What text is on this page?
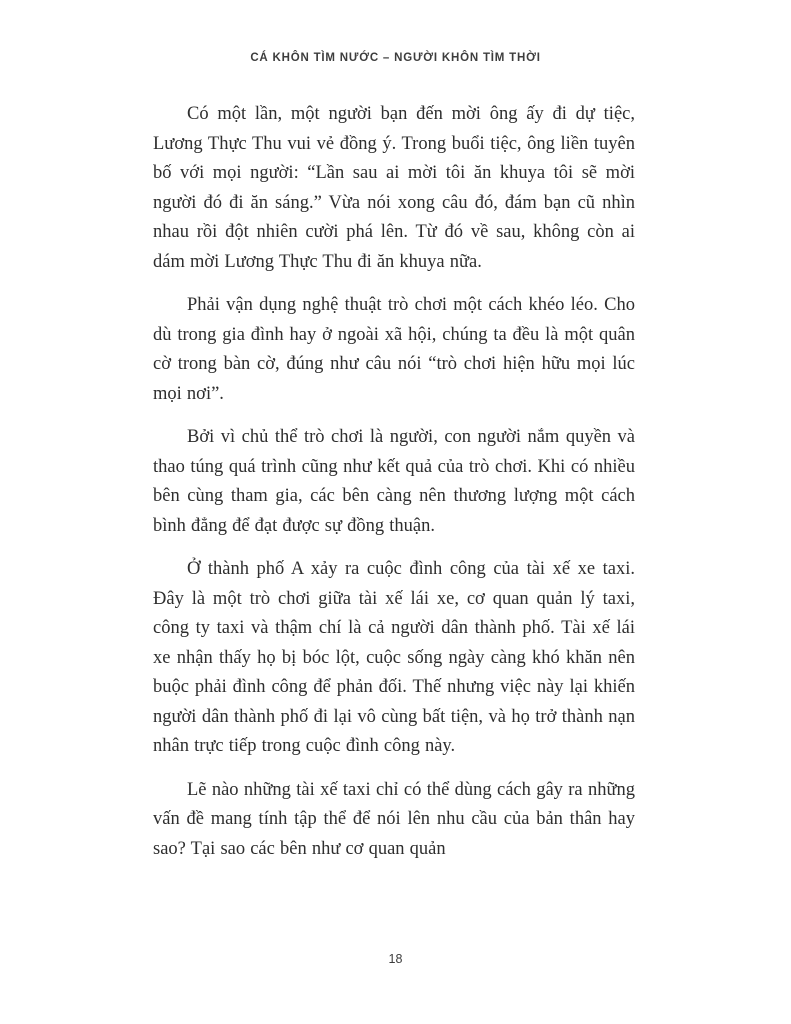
CÁ KHÔN TÌM NƯỚC – NGƯỜI KHÔN TÌM THỜI

Có một lần, một người bạn đến mời ông ấy đi dự tiệc, Lương Thực Thu vui vẻ đồng ý. Trong buổi tiệc, ông liền tuyên bố với mọi người: “Lần sau ai mời tôi ăn khuya tôi sẽ mời người đó đi ăn sáng.” Vừa nói xong câu đó, đám bạn cũ nhìn nhau rồi đột nhiên cười phá lên. Từ đó về sau, không còn ai dám mời Lương Thực Thu đi ăn khuya nữa.

Phải vận dụng nghệ thuật trò chơi một cách khéo léo. Cho dù trong gia đình hay ở ngoài xã hội, chúng ta đều là một quân cờ trong bàn cờ, đúng như câu nói “trò chơi hiện hữu mọi lúc mọi nơi”.

Bởi vì chủ thể trò chơi là người, con người nắm quyền và thao túng quá trình cũng như kết quả của trò chơi. Khi có nhiều bên cùng tham gia, các bên càng nên thương lượng một cách bình đẳng để đạt được sự đồng thuận.

Ở thành phố A xảy ra cuộc đình công của tài xế xe taxi. Đây là một trò chơi giữa tài xế lái xe, cơ quan quản lý taxi, công ty taxi và thậm chí là cả người dân thành phố. Tài xế lái xe nhận thấy họ bị bóc lột, cuộc sống ngày càng khó khăn nên buộc phải đình công để phản đối. Thế nhưng việc này lại khiến người dân thành phố đi lại vô cùng bất tiện, và họ trở thành nạn nhân trực tiếp trong cuộc đình công này.

Lẽ nào những tài xế taxi chỉ có thể dùng cách gây ra những vấn đề mang tính tập thể để nói lên nhu cầu của bản thân hay sao? Tại sao các bên như cơ quan quản

18
